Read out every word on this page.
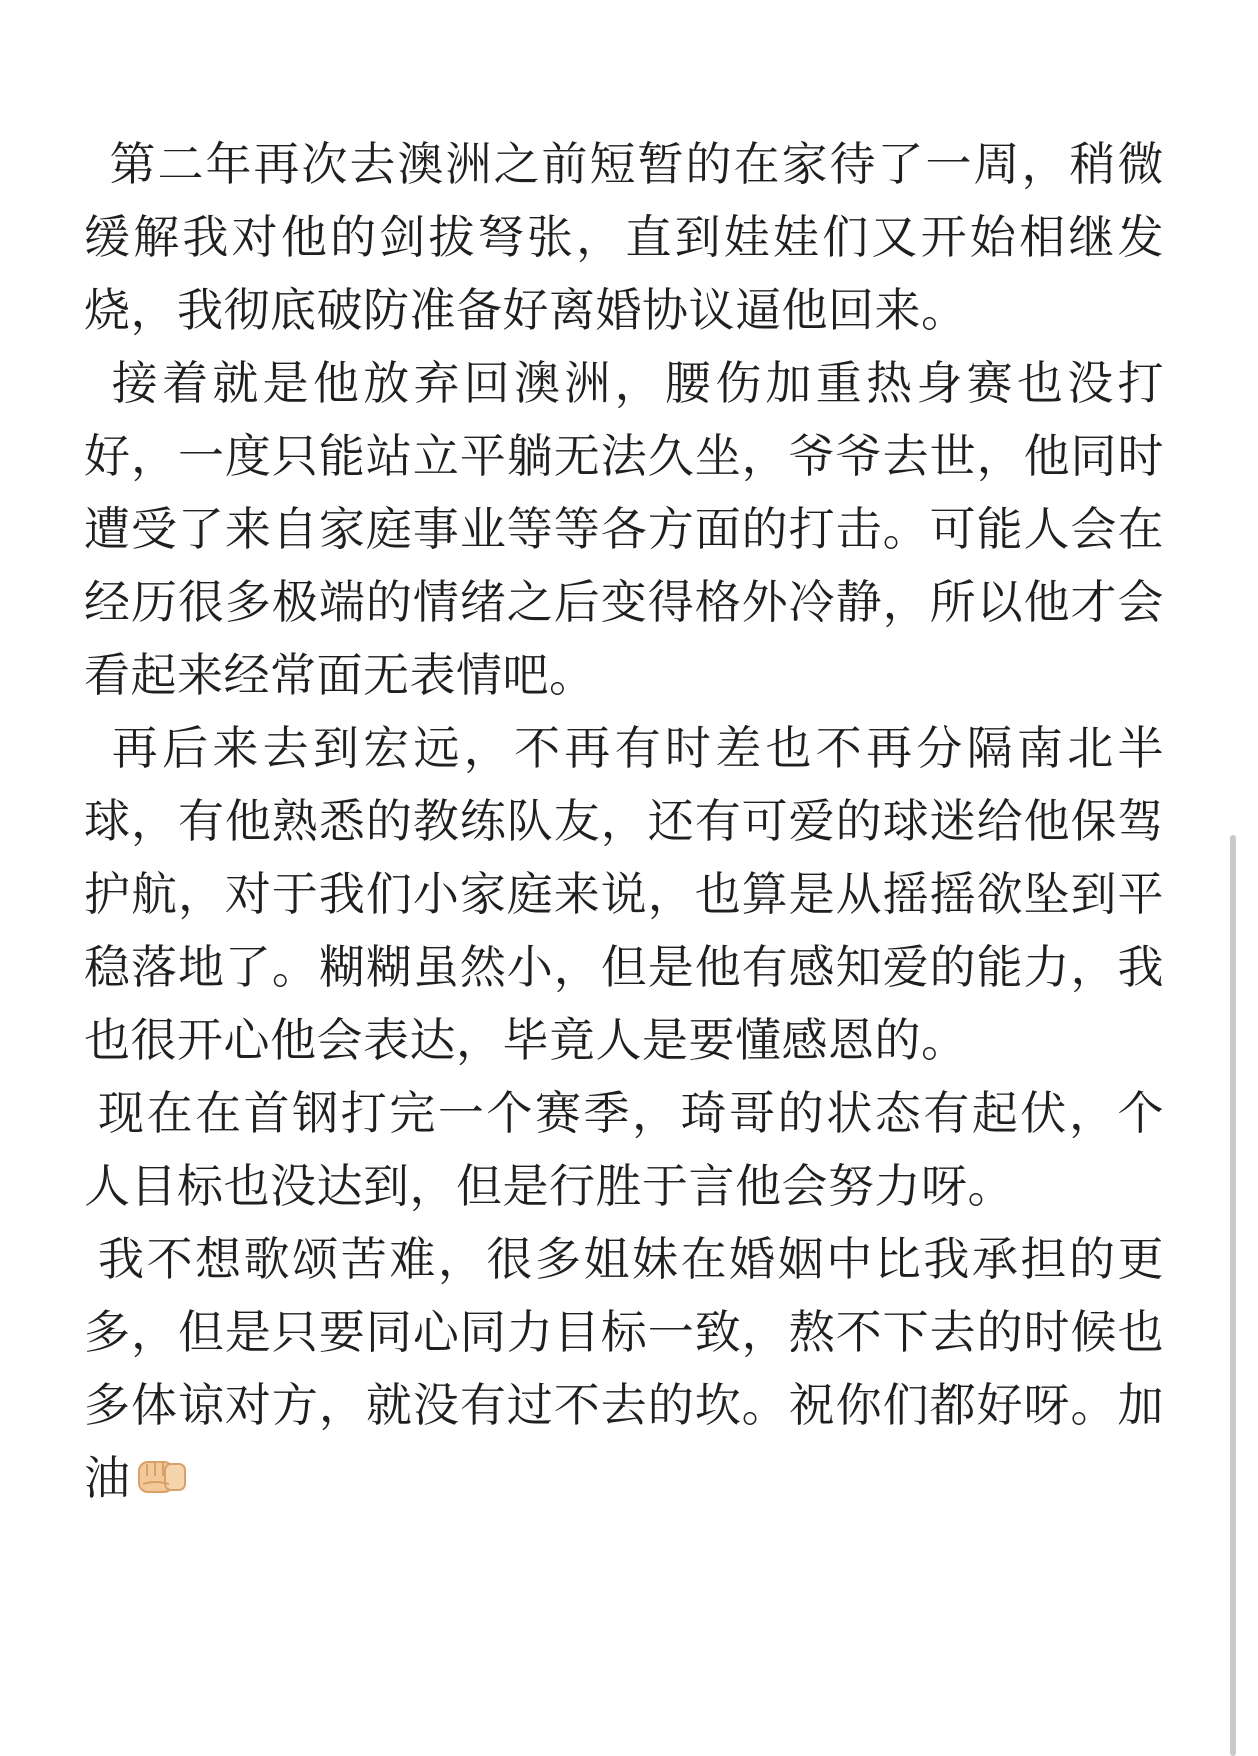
第二年再次去澳洲之前短暂的在家待了一周，稍微缓解我对他的剑拔弩张，直到娃娃们又开始相继发烧，我彻底破防准备好离婚协议逼他回来。

接着就是他放弃回澳洲，腰伤加重热身赛也没打好，一度只能站立平躺无法久坐，爷爷去世，他同时遭受了来自家庭事业等等各方面的打击。可能人会在经历很多极端的情绪之后变得格外冷静，所以他才会看起来经常面无表情吧。

再后来去到宏远，不再有时差也不再分隔南北半球，有他熟悉的教练队友，还有可爱的球迷给他保驾护航，对于我们小家庭来说，也算是从摇摇欲坠到平稳落地了。糊糊虽然小，但是他有感知爱的能力，我也很开心他会表达，毕竟人是要懂感恩的。

现在在首钢打完一个赛季，琦哥的状态有起伏，个人目标也没达到，但是行胜于言他会努力呀。

我不想歌颂苦难，很多姐妹在婚姻中比我承担的更多，但是只要同心同力目标一致，熬不下去的时候也多体谅对方，就没有过不去的坎。祝你们都好呀。加油
